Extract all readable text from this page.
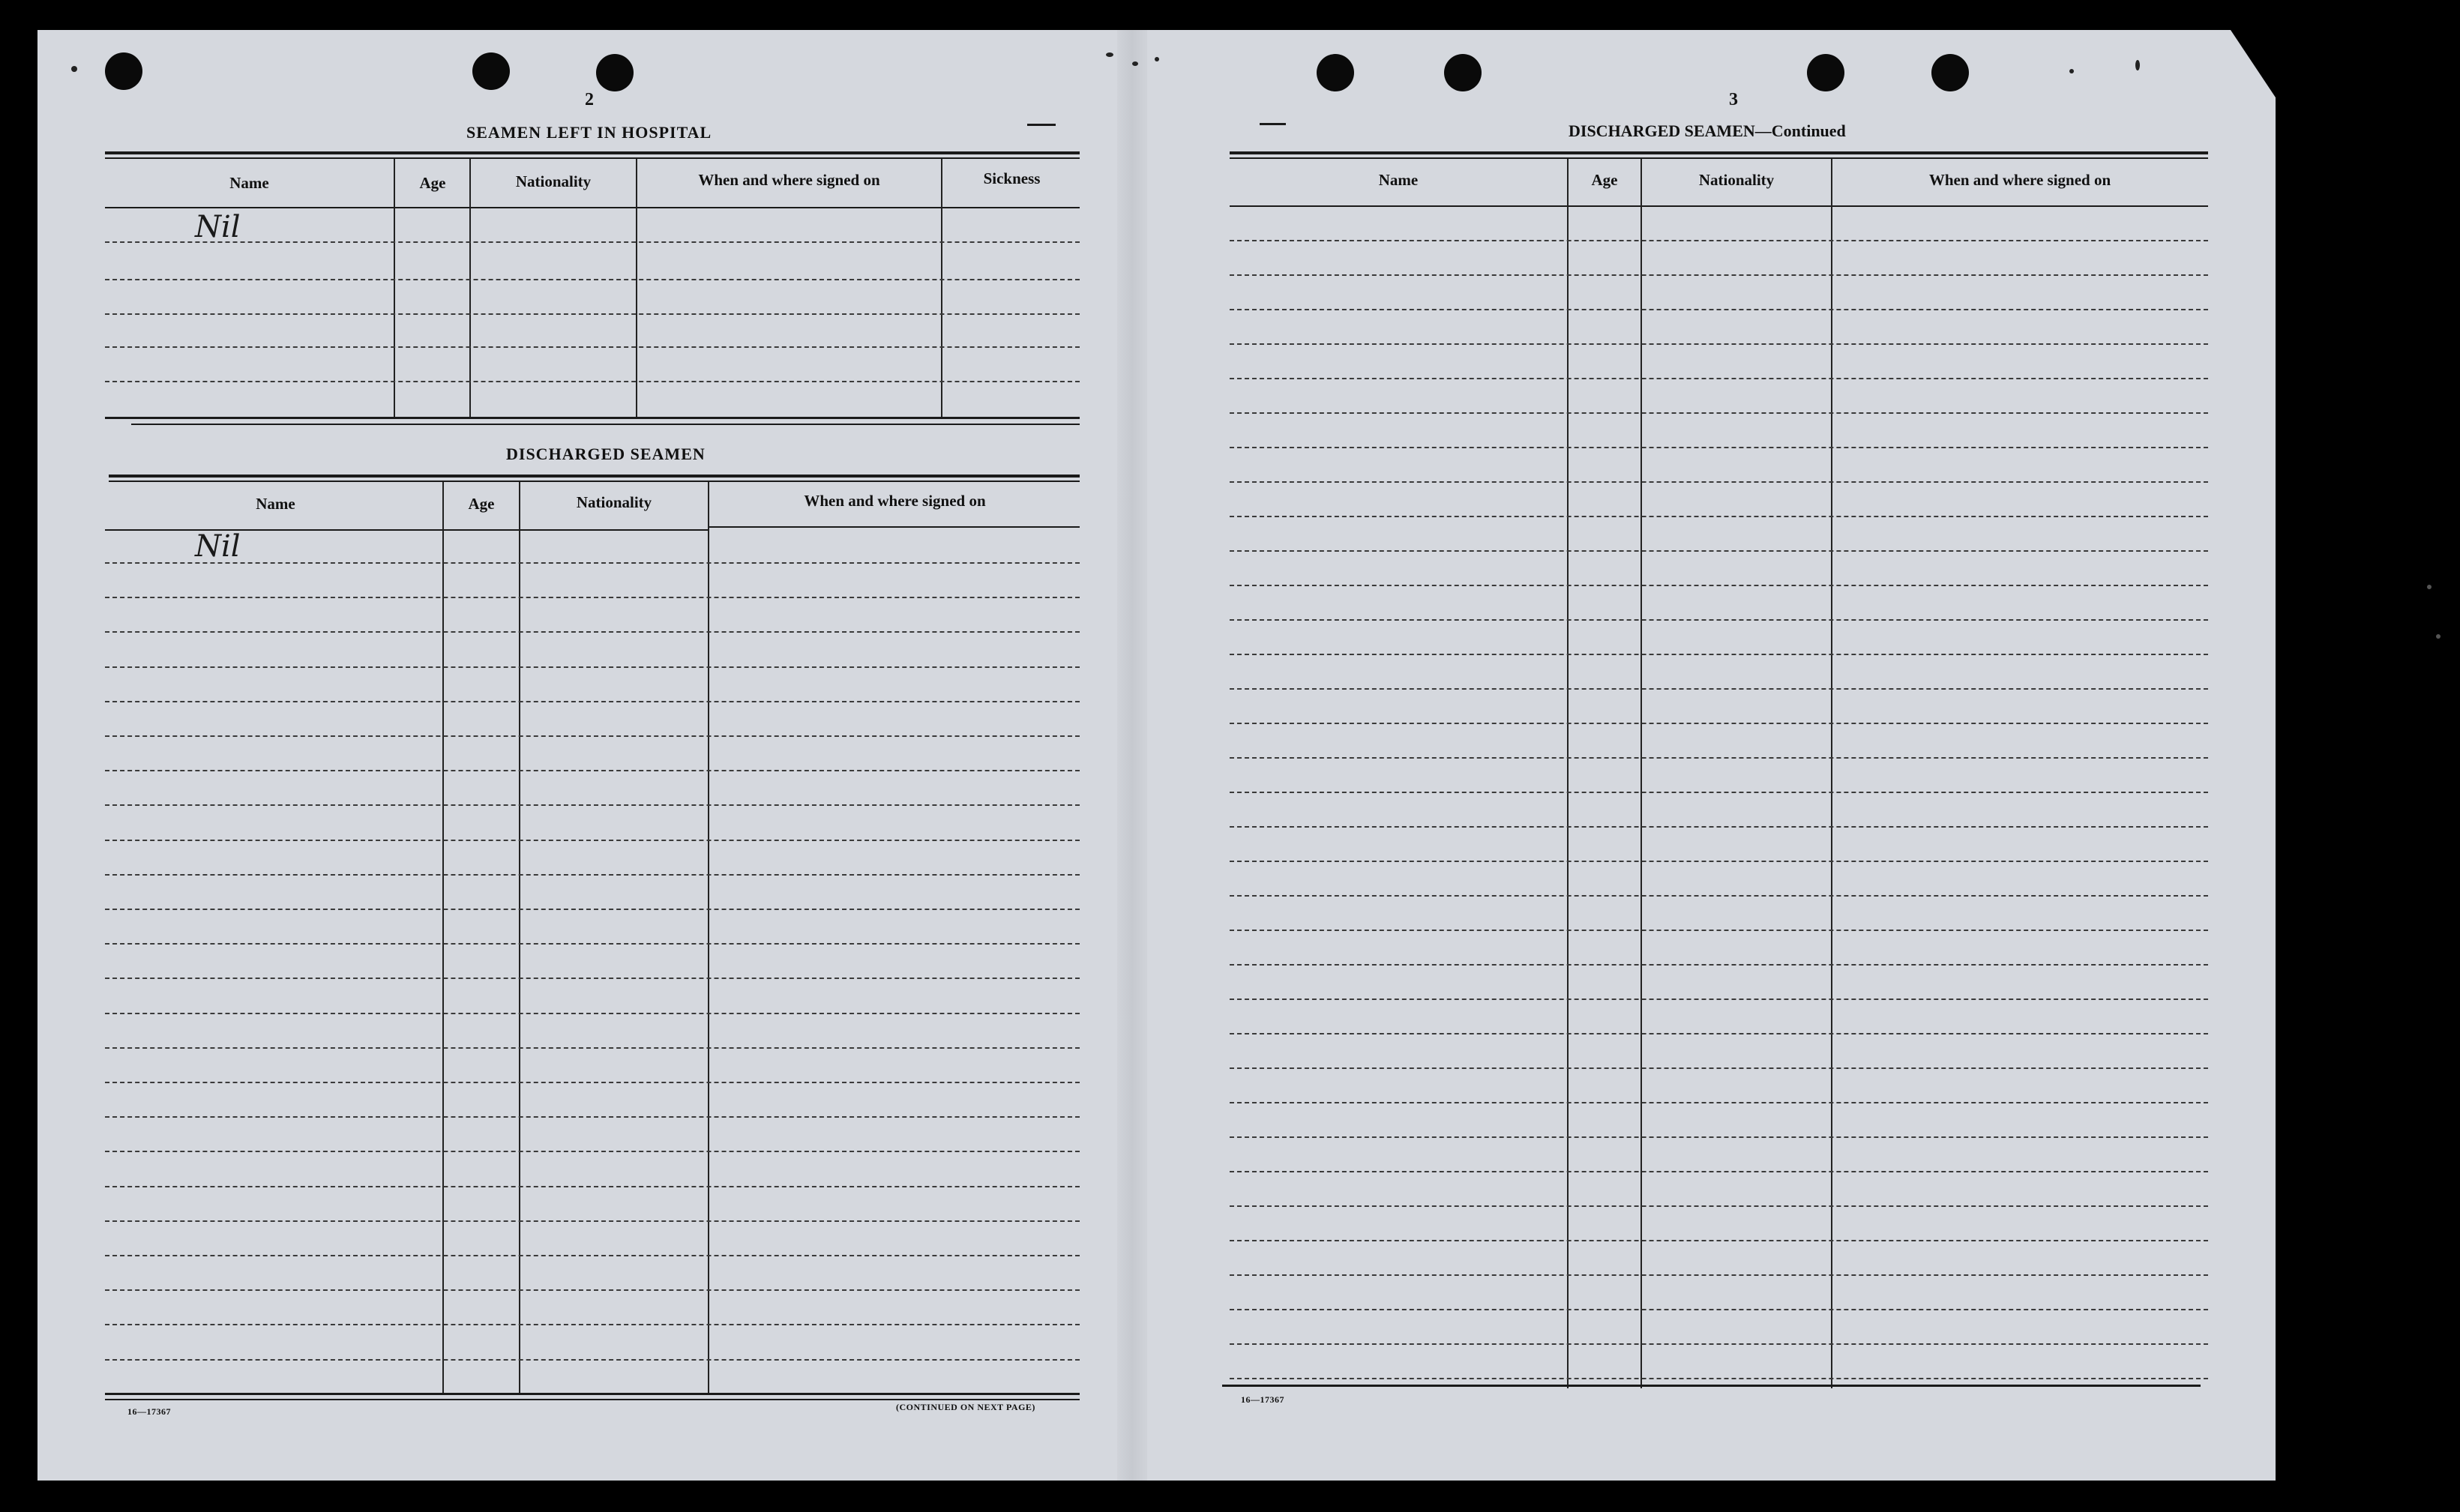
2
SEAMEN LEFT IN HOSPITAL
Name	Age	Nationality	When and where signed on	Sickness
Nil
DISCHARGED SEAMEN
Name	Age	Nationality	When and where signed on
Nil
16—17367	(CONTINUED ON NEXT PAGE)
3
DISCHARGED SEAMEN—Continued
Name	Age	Nationality	When and where signed on
16—17367
